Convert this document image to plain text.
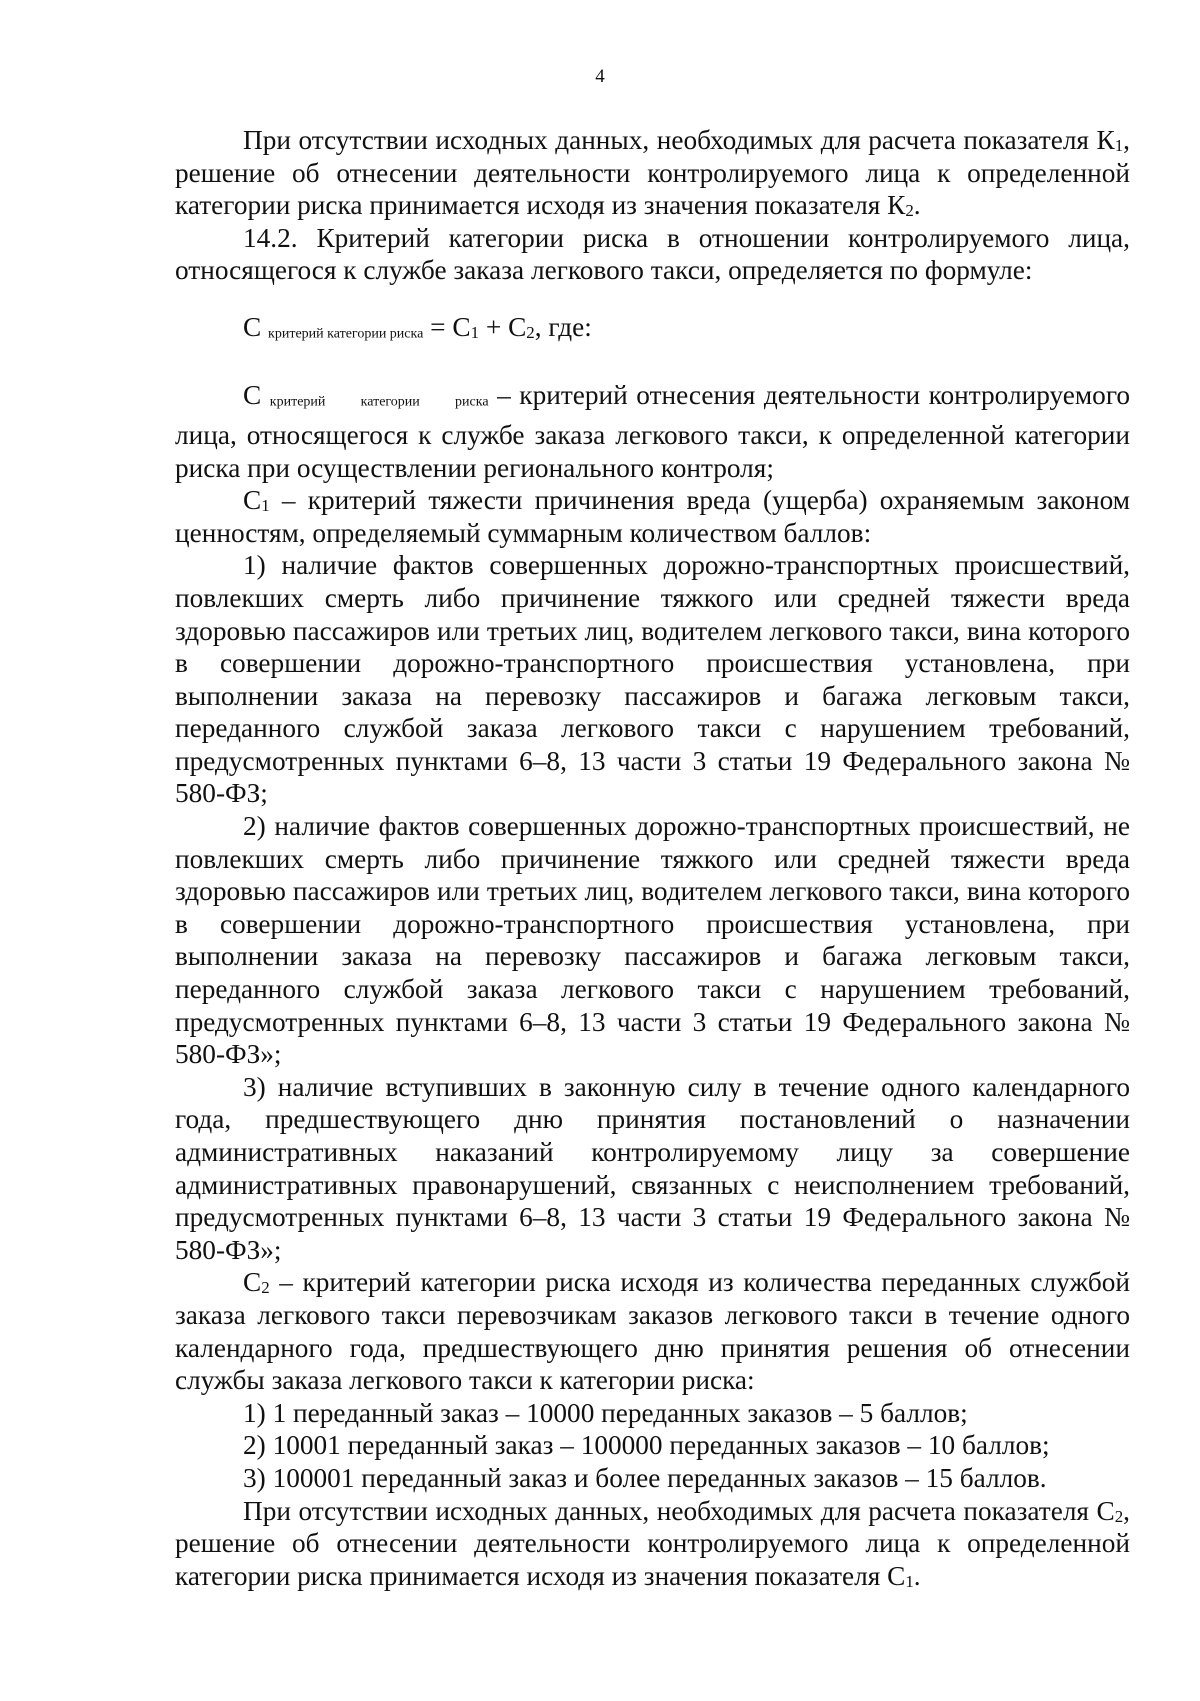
4

При отсутствии исходных данных, необходимых для расчета показателя $К_1$, решение об отнесении деятельности контролируемого лица к определенной категории риска принимается исходя из значения показателя $К_2$.

14.2. Критерий категории риска в отношении контролируемого лица, относящегося к службе заказа легкового такси, определяется по формуле:

С критерий категории риска = $С_1 + С_2$, где:

С критерий категории риска – критерий отнесения деятельности контролируемого лица, относящегося к службе заказа легкового такси, к определенной категории риска при осуществлении регионального контроля;

$С_1$ – критерий тяжести причинения вреда (ущерба) охраняемым законом ценностям, определяемый суммарным количеством баллов:

1) наличие фактов совершенных дорожно-транспортных происшествий, повлекших смерть либо причинение тяжкого или средней тяжести вреда здоровью пассажиров или третьих лиц, водителем легкового такси, вина которого в совершении дорожно-транспортного происшествия установлена, при выполнении заказа на перевозку пассажиров и багажа легковым такси, переданного службой заказа легкового такси с нарушением требований, предусмотренных пунктами 6–8, 13 части 3 статьи 19 Федерального закона № 580-ФЗ;

2) наличие фактов совершенных дорожно-транспортных происшествий, не повлекших смерть либо причинение тяжкого или средней тяжести вреда здоровью пассажиров или третьих лиц, водителем легкового такси, вина которого в совершении дорожно-транспортного происшествия установлена, при выполнении заказа на перевозку пассажиров и багажа легковым такси, переданного службой заказа легкового такси с нарушением требований, предусмотренных пунктами 6–8, 13 части 3 статьи 19 Федерального закона № 580-ФЗ»;

3) наличие вступивших в законную силу в течение одного календарного года, предшествующего дню принятия постановлений о назначении административных наказаний контролируемому лицу за совершение административных правонарушений, связанных с неисполнением требований, предусмотренных пунктами 6–8, 13 части 3 статьи 19 Федерального закона № 580-ФЗ»;

$С_2$ – критерий категории риска исходя из количества переданных службой заказа легкового такси перевозчикам заказов легкового такси в течение одного календарного года, предшествующего дню принятия решения об отнесении службы заказа легкового такси к категории риска:

1) 1 переданный заказ – 10000 переданных заказов – 5 баллов;

2) 10001 переданный заказ – 100000 переданных заказов – 10 баллов;

3) 100001 переданный заказ и более переданных заказов – 15 баллов.

При отсутствии исходных данных, необходимых для расчета показателя $С_2$, решение об отнесении деятельности контролируемого лица к определенной категории риска принимается исходя из значения показателя $С_1$.
